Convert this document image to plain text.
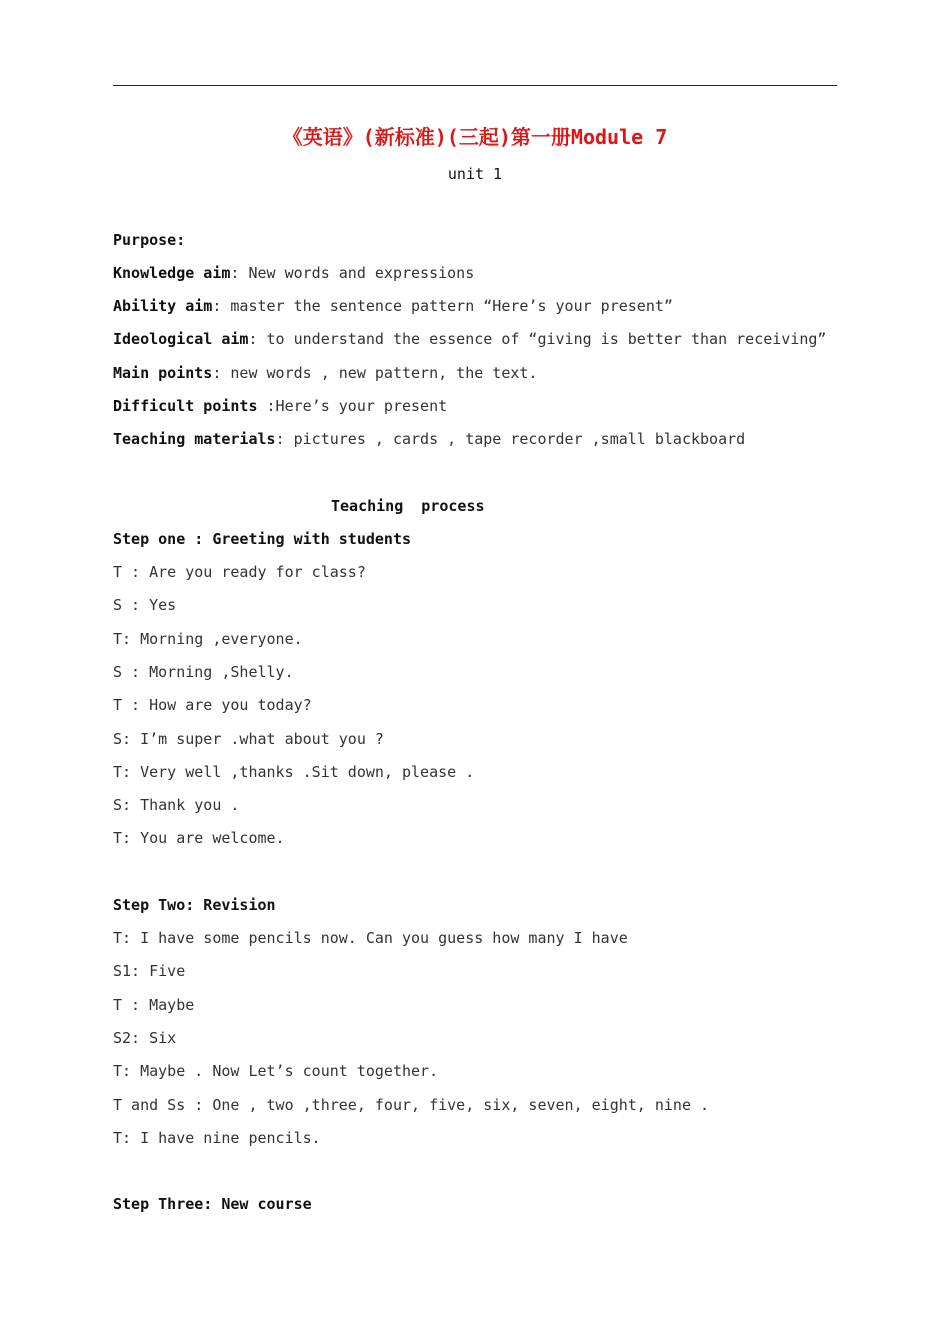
《英语》(新标准)(三起)第一册Module 7
unit 1
Purpose:
Knowledge aim: New words and expressions
Ability aim: master the sentence pattern “Here’s your present”
Ideological aim: to understand the essence of “giving is better than receiving”
Main points: new words , new pattern, the text.
Difficult points :Here’s your present
Teaching materials: pictures , cards , tape recorder ,small blackboard
Teaching  process
Step one : Greeting with students
T : Are you ready for class?
S : Yes
T: Morning ,everyone.
S : Morning ,Shelly.
T : How are you today?
S: I’m super .what about you ?
T: Very well ,thanks .Sit down, please .
S: Thank you .
T: You are welcome.
Step Two: Revision
T: I have some pencils now. Can you guess how many I have
S1: Five
T : Maybe
S2: Six
T: Maybe . Now Let’s count together.
T and Ss : One , two ,three, four, five, six, seven, eight, nine .
T: I have nine pencils.
Step Three: New course
